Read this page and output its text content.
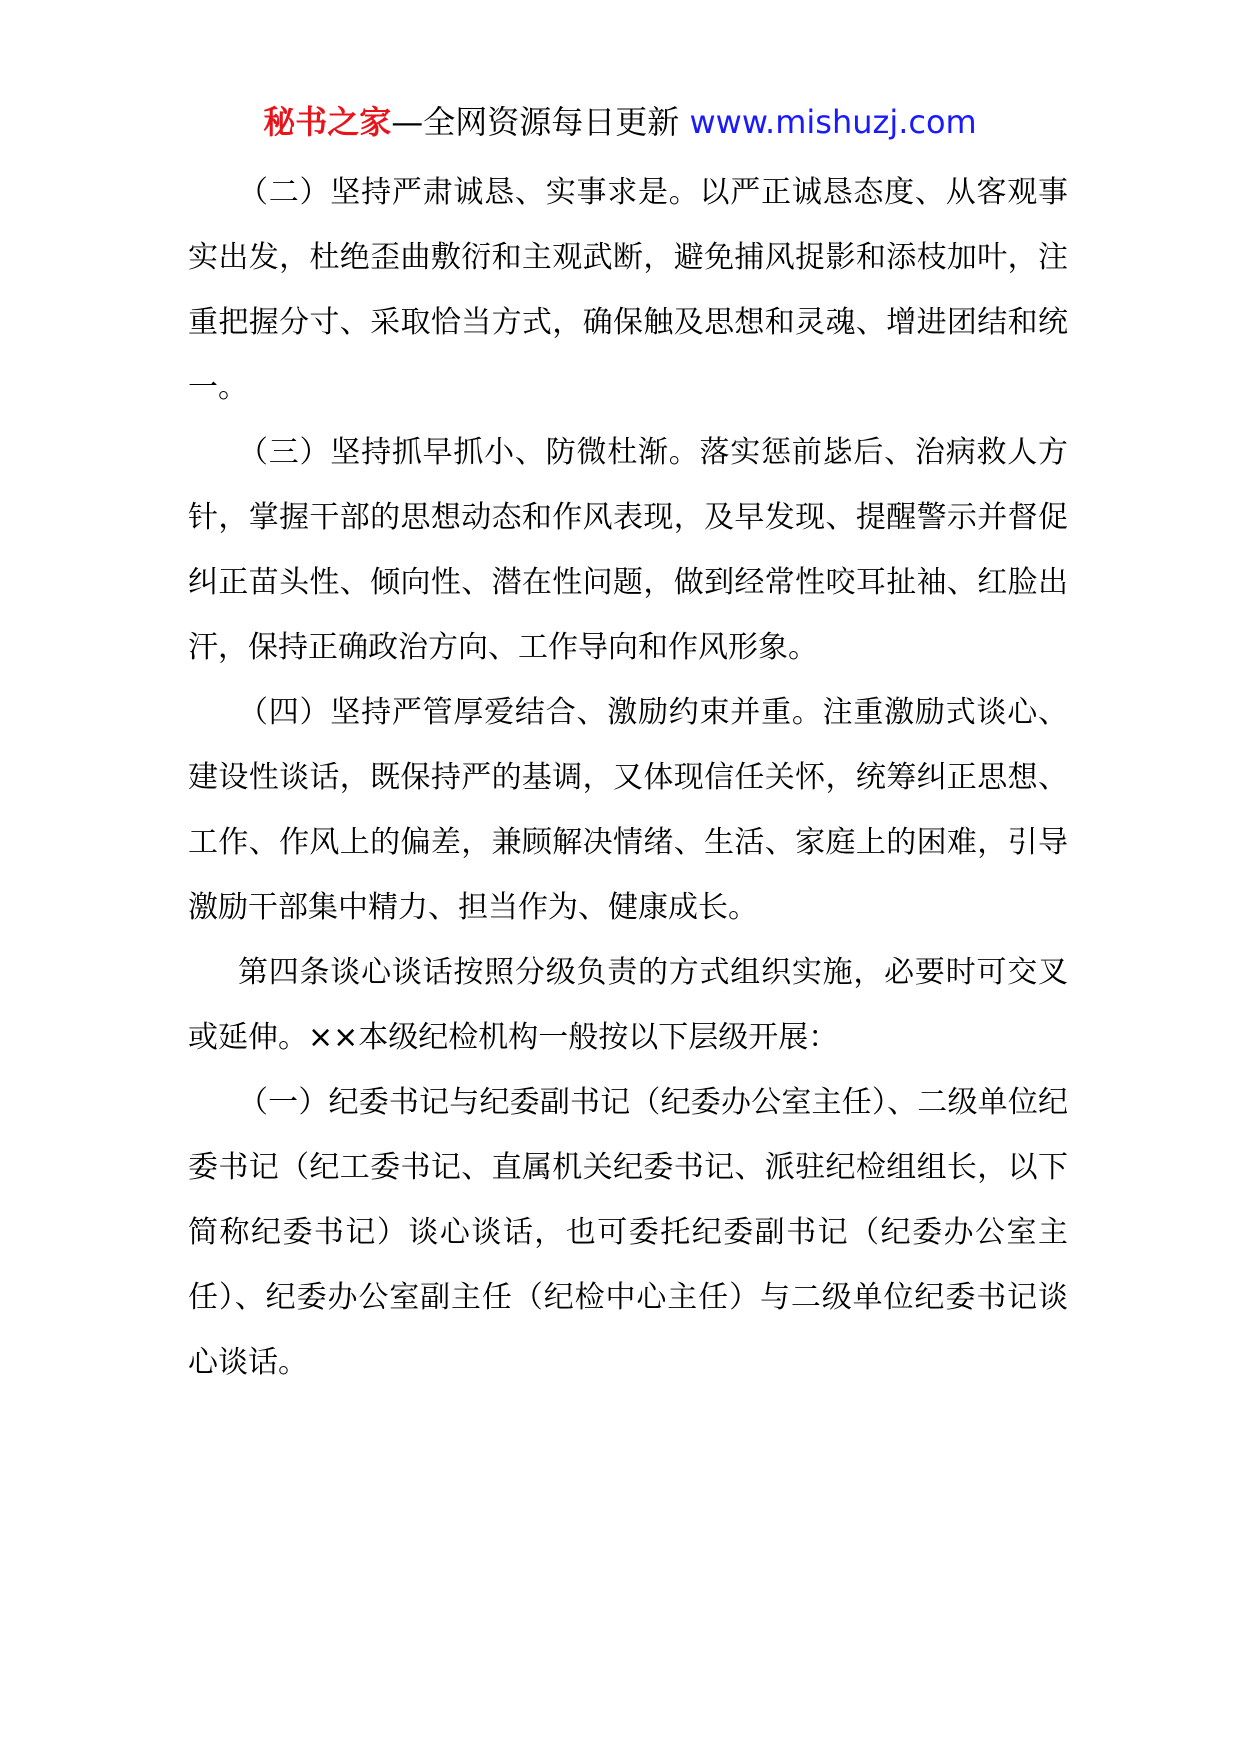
秘书之家—全网资源每日更新 www.mishuzj.com

（二）坚持严肃诚恳、实事求是。以严正诚恳态度、从客观事实出发，杜绝歪曲敷衍和主观武断，避免捕风捉影和添枝加叶，注重把握分寸、采取恰当方式，确保触及思想和灵魂、增进团结和统一。

（三）坚持抓早抓小、防微杜渐。落实惩前毖后、治病救人方针，掌握干部的思想动态和作风表现，及早发现、提醒警示并督促纠正苗头性、倾向性、潜在性问题，做到经常性咬耳扯袖、红脸出汗，保持正确政治方向、工作导向和作风形象。

（四）坚持严管厚爱结合、激励约束并重。注重激励式谈心、建设性谈话，既保持严的基调，又体现信任关怀，统筹纠正思想、工作、作风上的偏差，兼顾解决情绪、生活、家庭上的困难，引导激励干部集中精力、担当作为、健康成长。

第四条谈心谈话按照分级负责的方式组织实施，必要时可交叉或延伸。××本级纪检机构一般按以下层级开展：

（一）纪委书记与纪委副书记（纪委办公室主任）、二级单位纪委书记（纪工委书记、直属机关纪委书记、派驻纪检组组长，以下简称纪委书记）谈心谈话，也可委托纪委副书记（纪委办公室主任）、纪委办公室副主任（纪检中心主任）与二级单位纪委书记谈心谈话。
